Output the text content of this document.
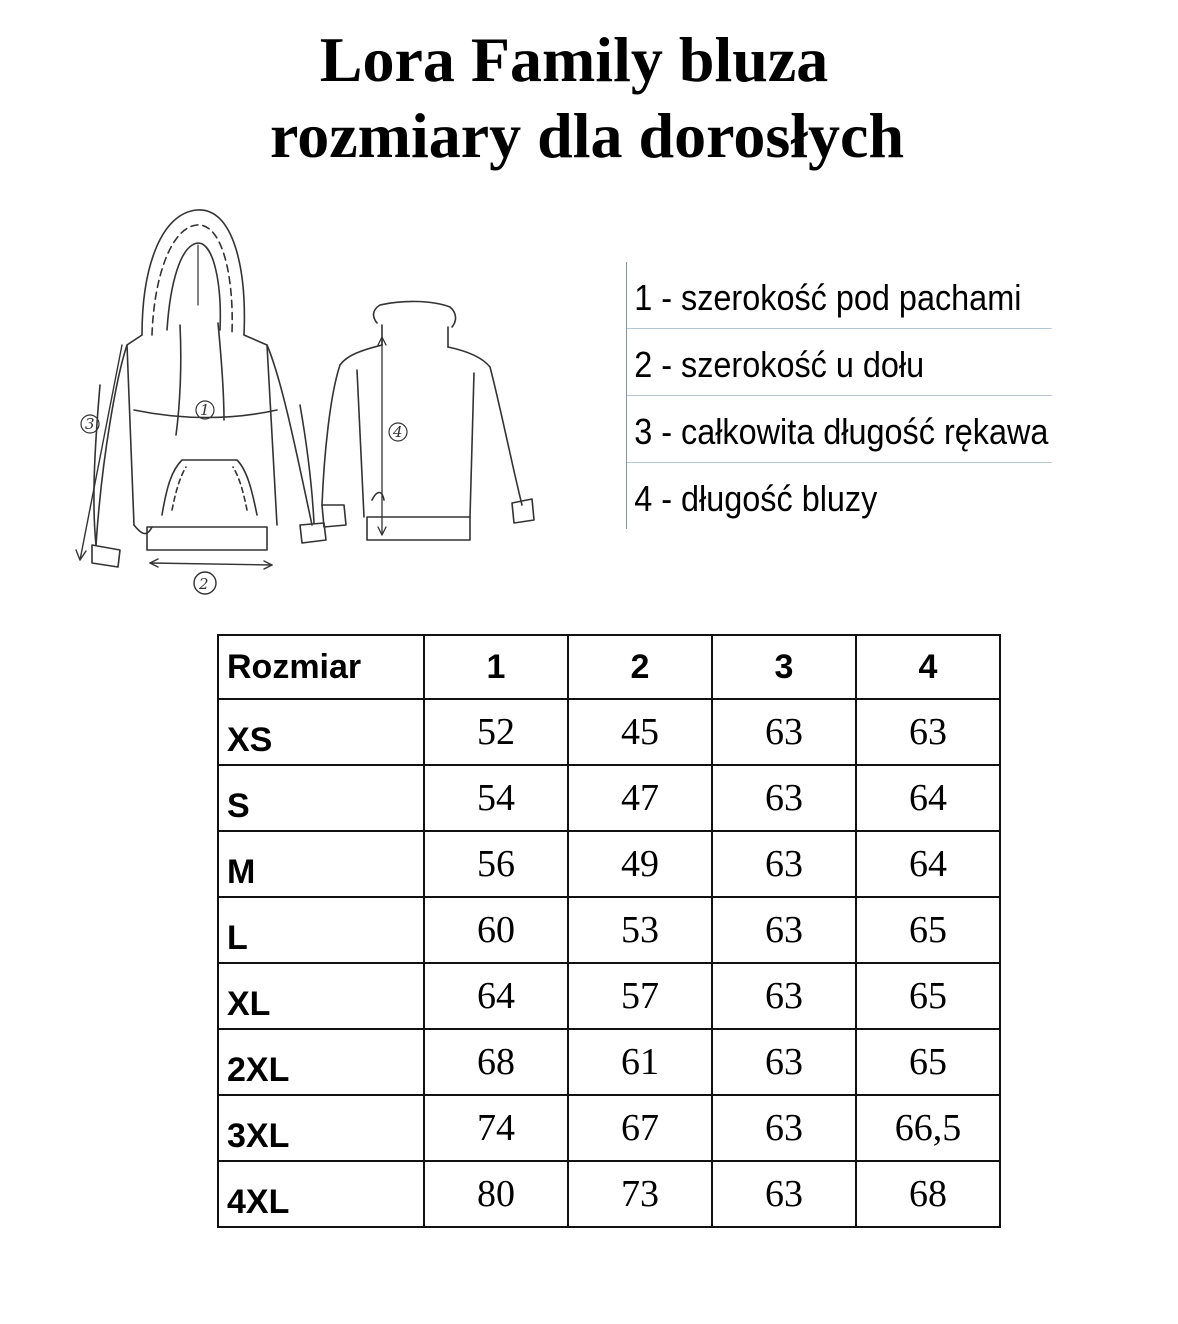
Lora Family bluza
rozmiary dla dorosłych
1
2
3	4
1 - szerokość pod pachami
2 - szerokość u dołu
3 - całkowita długość rękawa
4 - długość bluzy
Rozmiar	1	2	3	4
XS	52	45	63	63
S	54	47	63	64
M	56	49	63	64
L	60	53	63	65
XL	64	57	63	65
2XL	68	61	63	65
3XL	74	67	63	66,5
4XL	80	73	63	68
